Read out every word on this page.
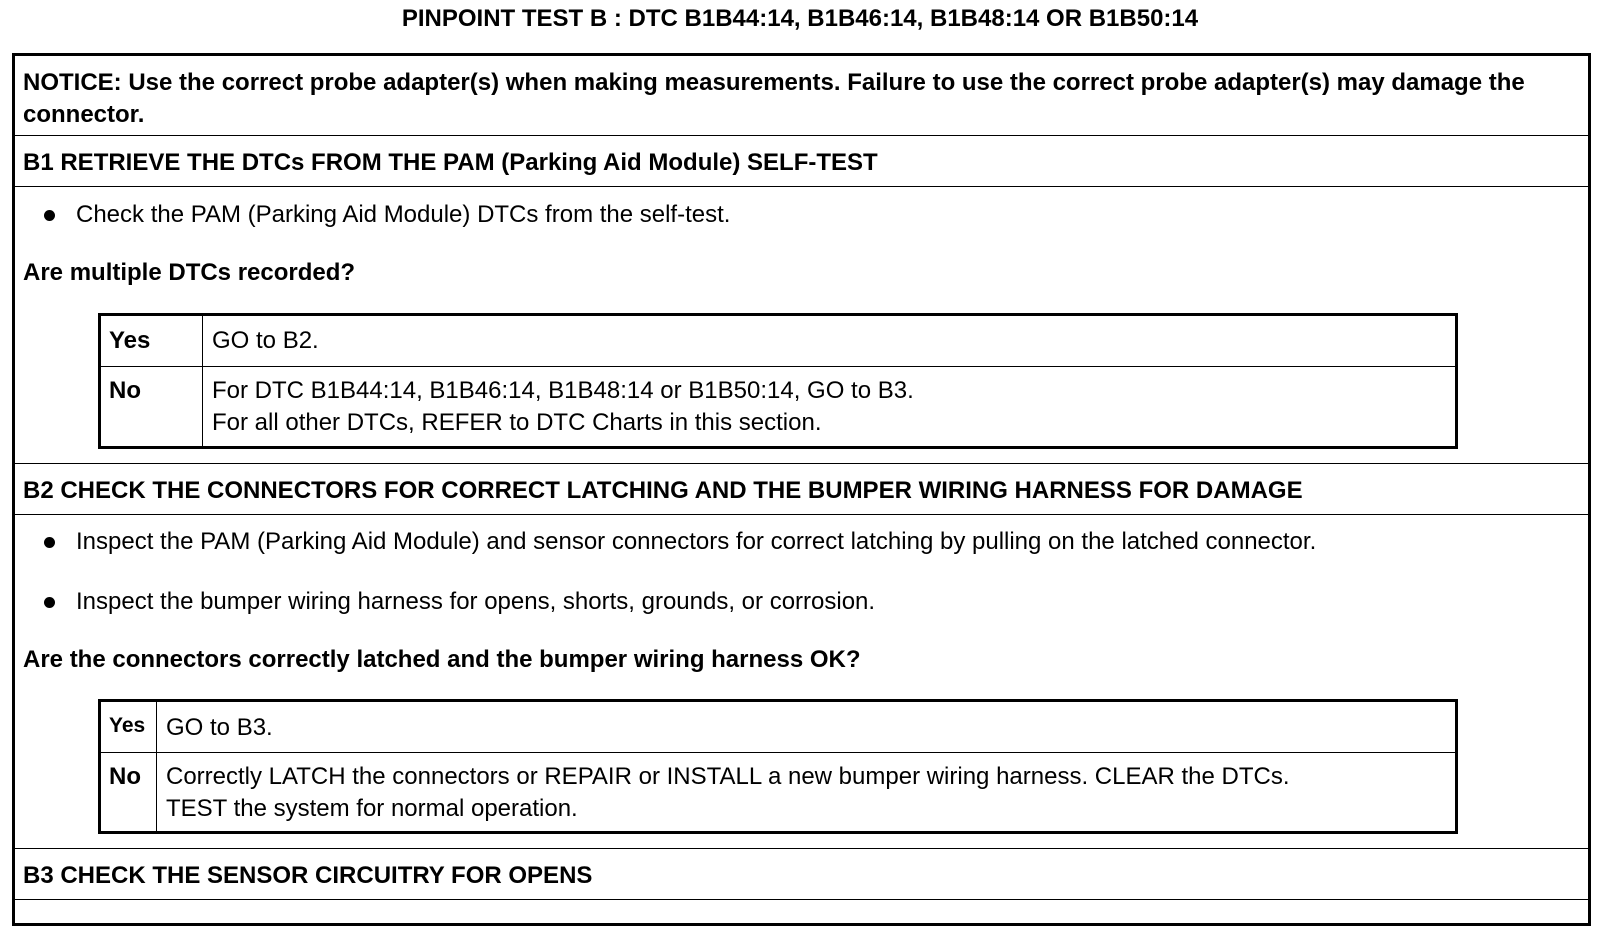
PINPOINT TEST B : DTC B1B44:14, B1B46:14, B1B48:14 OR B1B50:14
NOTICE: Use the correct probe adapter(s) when making measurements. Failure to use the correct probe adapter(s) may damage the connector.
B1 RETRIEVE THE DTCs FROM THE PAM (Parking Aid Module) SELF-TEST
Check the PAM (Parking Aid Module) DTCs from the self-test.
Are multiple DTCs recorded?
Yes	GO to B2.
No	For DTC B1B44:14, B1B46:14, B1B48:14 or B1B50:14, GO to B3.
For all other DTCs, REFER to DTC Charts in this section.
B2 CHECK THE CONNECTORS FOR CORRECT LATCHING AND THE BUMPER WIRING HARNESS FOR DAMAGE
Inspect the PAM (Parking Aid Module) and sensor connectors for correct latching by pulling on the latched connector.
Inspect the bumper wiring harness for opens, shorts, grounds, or corrosion.
Are the connectors correctly latched and the bumper wiring harness OK?
Yes GO to B3.
No Correctly LATCH the connectors or REPAIR or INSTALL a new bumper wiring harness. CLEAR the DTCs.
TEST the system for normal operation.
B3 CHECK THE SENSOR CIRCUITRY FOR OPENS
